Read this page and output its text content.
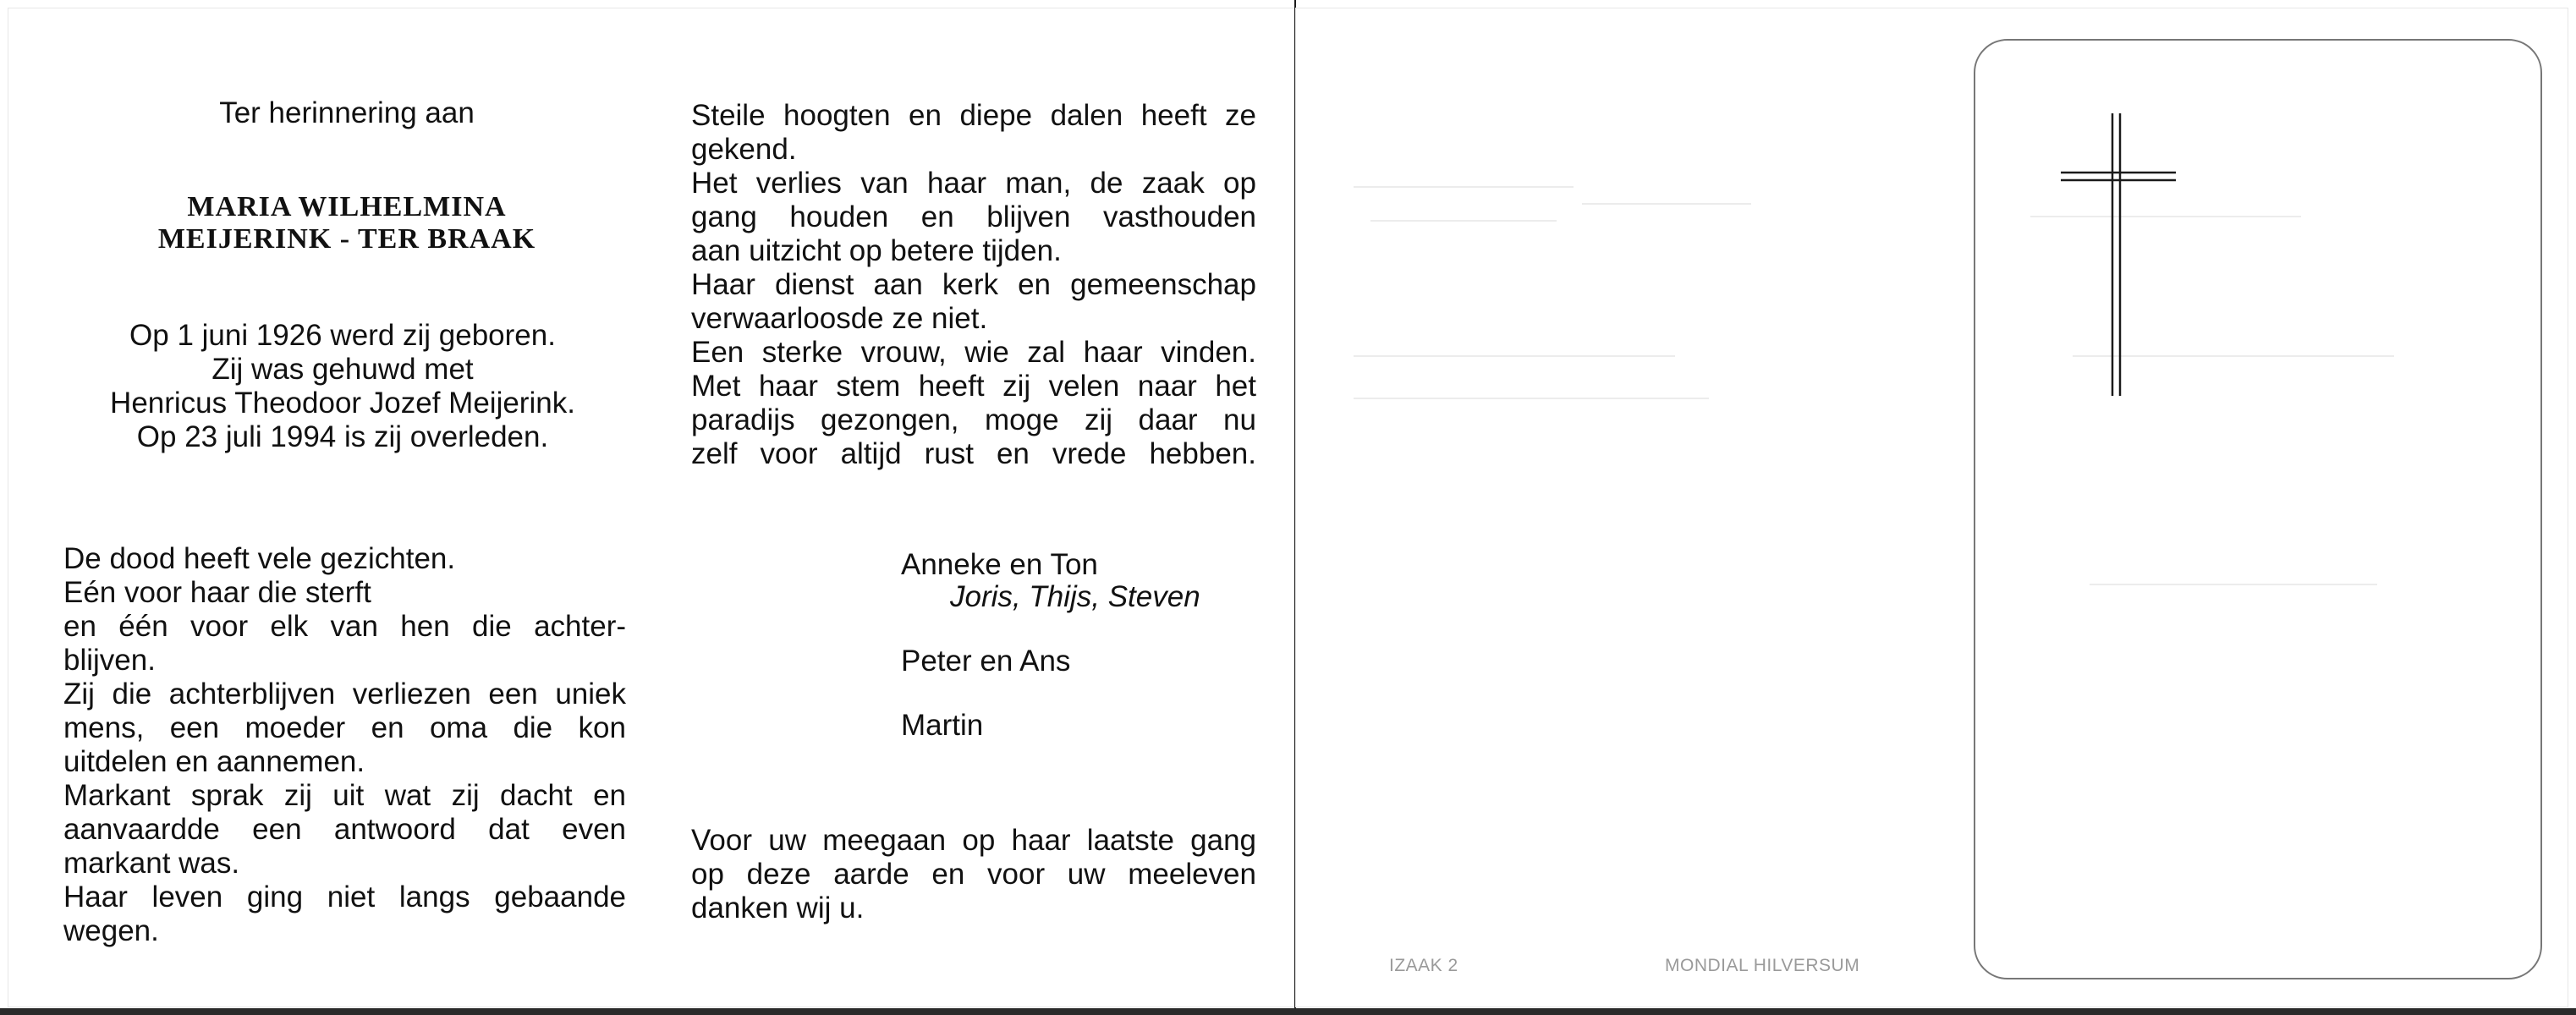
Ter herinnering aan
MARIA WILHELMINA
MEIJERINK - TER BRAAK
Op 1 juni 1926 werd zij geboren.
Zij was gehuwd met
Henricus Theodoor Jozef Meijerink.
Op 23 juli 1994 is zij overleden.
De dood heeft vele gezichten.
Eén voor haar die sterft
en één voor elk van hen die achter-
blijven.
Zij die achterblijven verliezen een uniek
mens, een moeder en oma die kon
uitdelen en aannemen.
Markant sprak zij uit wat zij dacht en
aanvaardde een antwoord dat even
markant was.
Haar leven ging niet langs gebaande
wegen.
Steile hoogten en diepe dalen heeft ze
gekend.
Het verlies van haar man, de zaak op
gang houden en blijven vasthouden
aan uitzicht op betere tijden.
Haar dienst aan kerk en gemeenschap
verwaarloosde ze niet.
Een sterke vrouw, wie zal haar vinden.
Met haar stem heeft zij velen naar het
paradijs gezongen, moge zij daar nu
zelf voor altijd rust en vrede hebben.
Anneke en Ton
Joris, Thijs, Steven
Peter en Ans
Martin
Voor uw meegaan op haar laatste gang
op deze aarde en voor uw meeleven
danken wij u.
IZAAK 2	MONDIAL HILVERSUM
